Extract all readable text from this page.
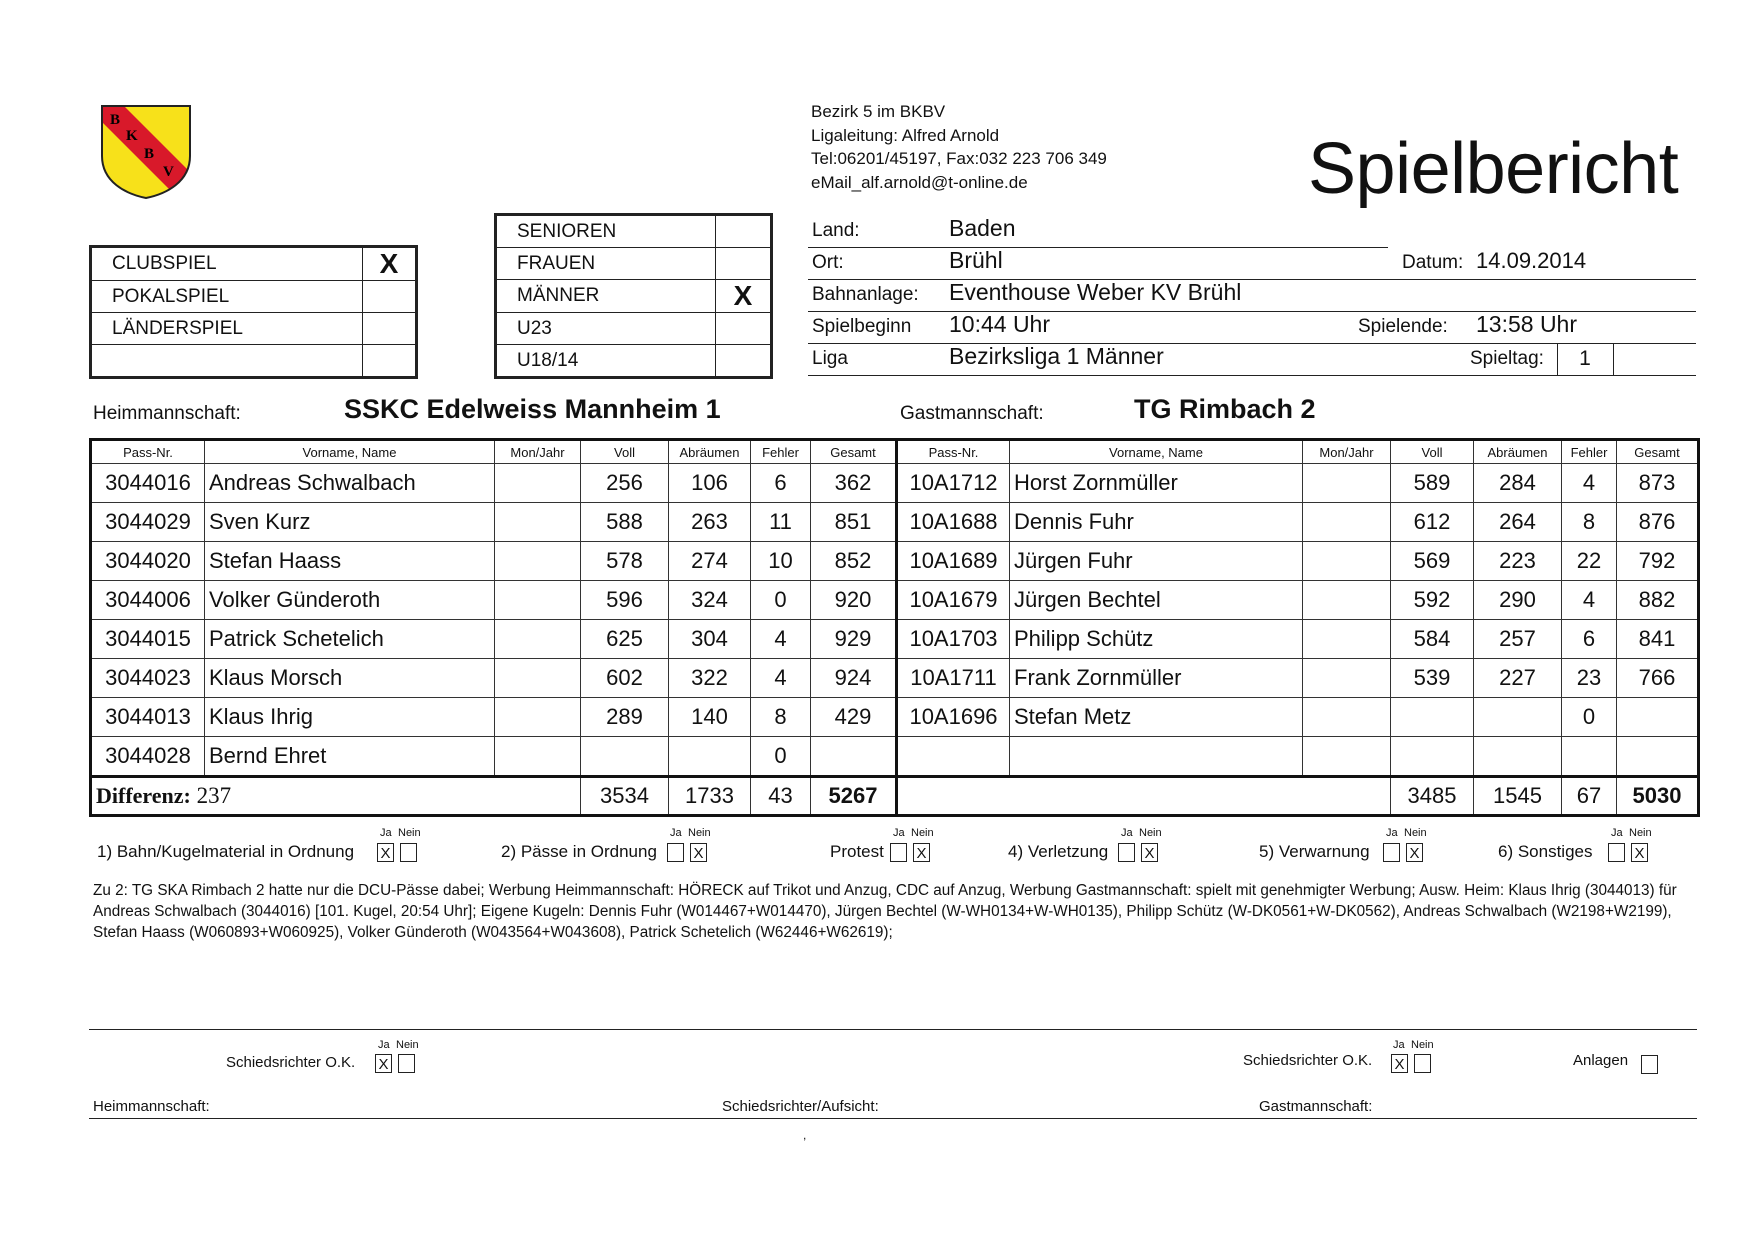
B
K
B
V
Bezirk 5 im BKBV
Ligaleitung: Alfred Arnold
Tel:06201/45197, Fax:032 223 706 349
eMail_alf.arnold@t-online.de	Spielbericht
CLUBSPIEL	X
POKALSPIEL	
LÄNDERSPIEL	

SENIOREN	
FRAUEN	
MÄNNER	X
U23	
U18/14	
Land:	Baden
Ort:	Brühl	Datum: 14.09.2014
Bahnanlage: Eventhouse Weber KV Brühl
Spielbeginn 10:44 Uhr	Spielende: 13:58 Uhr
Liga	Bezirksliga 1 Männer	Spieltag:	1
Heimmannschaft:	SSKC Edelweiss Mannheim 1	Gastmannschaft:	TG Rimbach 2
Pass-Nr.	Vorname, Name	Mon/Jahr	Voll	Abräumen	Fehler	Gesamt	Pass-Nr.	Vorname, Name	Mon/Jahr	Voll	Abräumen	Fehler	Gesamt
3044016	Andreas Schwalbach		256	106	6	362	10A1712	Horst Zornmüller		589	284	4	873
3044029	Sven Kurz		588	263	11	851	10A1688	Dennis Fuhr		612	264	8	876
3044020	Stefan Haass		578	274	10	852	10A1689	Jürgen Fuhr		569	223	22	792
3044006	Volker Günderoth		596	324	0	920	10A1679	Jürgen Bechtel		592	290	4	882
3044015	Patrick Schetelich		625	304	4	929	10A1703	Philipp Schütz		584	257	6	841
3044023	Klaus Morsch		602	322	4	924	10A1711	Frank Zornmüller		539	227	23	766
3044013	Klaus Ihrig		289	140	8	429	10A1696	Stefan Metz				0	
3044028	Bernd Ehret				0								
Differenz: 237			3534	1733	43	5267				3485	1545	67	5030
1) Bahn/Kugelmaterial in Ordnung
Ja Nein
X	2) Pässe in Ordnung
Ja Nein
X	Protest
Ja Nein
X	4) Verletzung
Ja Nein
X	5) Verwarnung
Ja Nein
X	6) Sonstiges
Ja Nein
X
Zu 2: TG SKA Rimbach 2 hatte nur die DCU-Pässe dabei; Werbung Heimmannschaft: HÖRECK auf Trikot und Anzug, CDC auf Anzug, Werbung Gastmannschaft: spielt mit genehmigter Werbung; Ausw. Heim: Klaus Ihrig (3044013) für Andreas Schwalbach (3044016) [101. Kugel, 20:54 Uhr]; Eigene Kugeln: Dennis Fuhr (W014467+W014470), Jürgen Bechtel (W-WH0134+W-WH0135), Philipp Schütz (W-DK0561+W-DK0562), Andreas Schwalbach (W2198+W2199), Stefan Haass (W060893+W060925), Volker Günderoth (W043564+W043608), Patrick Schetelich (W62446+W62619);
Schiedsrichter O.K.
Ja Nein
X	Schiedsrichter O.K.
Ja Nein
X	Anlagen
Heimmannschaft:	Schiedsrichter/Aufsicht:	Gastmannschaft:
,
